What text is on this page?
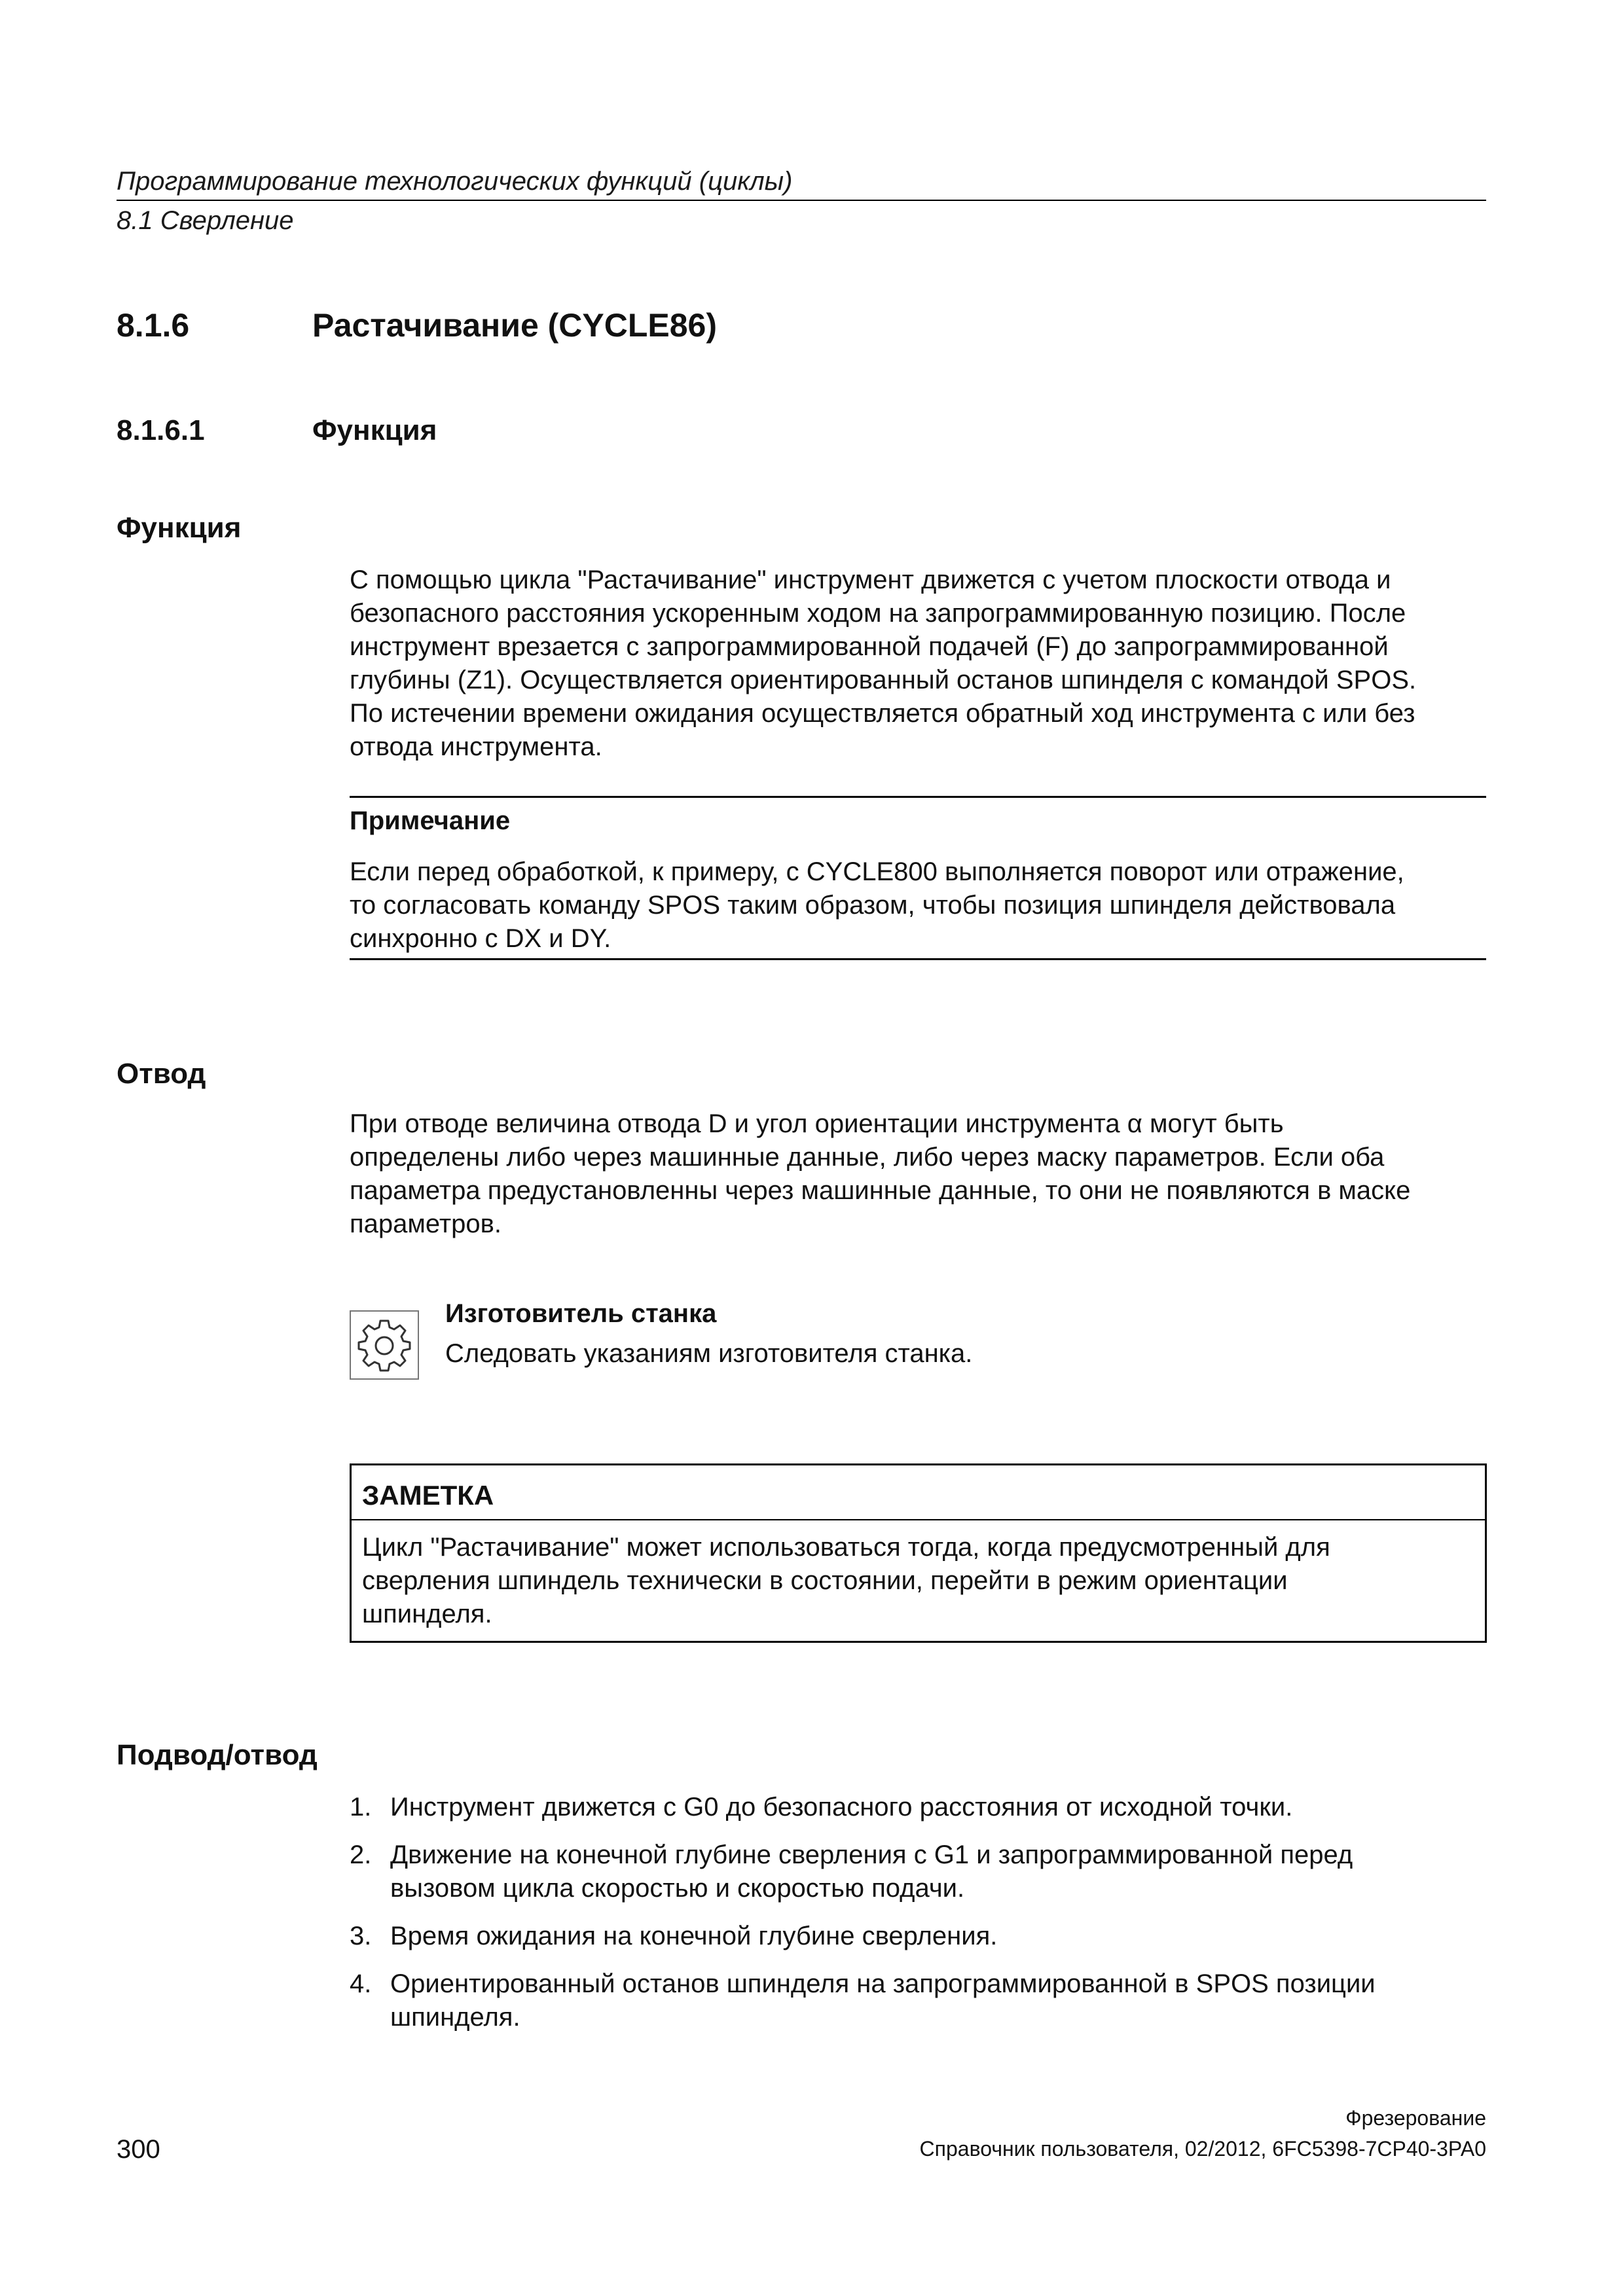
Программирование технологических функций (циклы)
8.1 Сверление
8.1.6	Растачивание (CYCLE86)
8.1.6.1	Функция
Функция

С помощью цикла "Растачивание" инструмент движется с учетом плоскости отвода и

безопасного расстояния ускоренным ходом на запрограммированную позицию. После

инструмент врезается с запрограммированной подачей (F) до запрограммированной

глубины (Z1). Осуществляется ориентированный останов шпинделя с командой SPOS.

По истечении времени ожидания осуществляется обратный ход инструмента с или без

отвода инструмента.

Примечание
Если перед обработкой, к примеру, с CYCLE800 выполняется поворот или отражение,
то согласовать команду SPOS таким образом, чтобы позиция шпинделя действовала
синхронно с DX и DY.
Отвод

При отводе величина отвода D и угол ориентации инструмента α могут быть

определены либо через машинные данные, либо через маску параметров. Если оба

параметра предустановленны через машинные данные, то они не появляются в маске

параметров.

Изготовитель станка
Следовать указаниям изготовителя станка.
ЗАМЕТКА
Цикл "Растачивание" может использоваться тогда, когда предусмотренный для
сверления шпиндель технически в состоянии, перейти в режим ориентации
шпинделя.
Подвод/отвод
1. Инструмент движется с G0 до безопасного расстояния от исходной точки.
2. Движение на конечной глубине сверления с G1 и запрограммированной перед
вызовом цикла скоростью и скоростью подачи.
3. Время ожидания на конечной глубине сверления.
4. Ориентированный останов шпинделя на запрограммированной в SPOS позиции
шпинделя.
300
Фрезерование
Справочник пользователя, 02/2012, 6FC5398-7CP40-3PA0
